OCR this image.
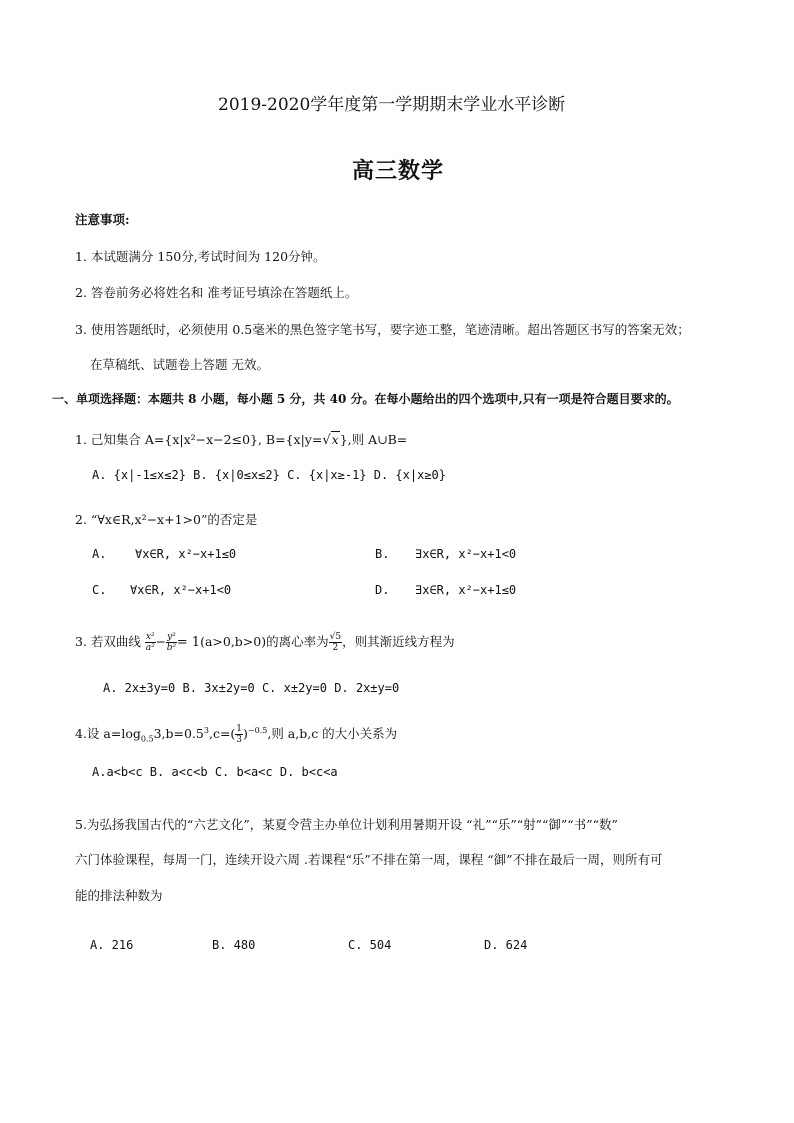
2019-2020学年度第一学期期末学业水平诊断
高三数学
注意事项:
1. 本试题满分 150分,考试时间为 120分钟。
2. 答卷前务必将姓名和 准考证号填涂在答题纸上。
3. 使用答题纸时，必须使用 0.5毫米的黑色签字笔书写，要字迹工整，笔迹清晰。超出答题区书写的答案无效；
在草稿纸、试题卷上答题 无效。
一、单项选择题：本题共 8 小题，每小题 5 分，共 40 分。在每小题给出的四个选项中,只有一项是符合题目要求的。
1. 己知集合 A={x|x²−x−2≤0}, B={x|y=√x},则 A∪B=
A. {x|-1≤x≤2} B. {x|0≤x≤2} C. {x|x≥-1} D. {x|x≥0}
2. “∀x∈R,x²−x+1>0”的否定是
A. ∀x∈R, x²−x+1≤0	B. ∃x∈R, x²−x+1<0
C. ∀x∈R, x²−x+1<0	D. ∃x∈R, x²−x+1≤0
3. 若双曲线 $\frac{\text{x²}}{\text{a²}} - \frac{\text{y²}}{\text{b²}} = 1(a>0,b>0)$的离心率为 $\frac{√5}{2}$ ，则其渐近线方程为
A. 2x±3y=0 B. 3x±2y=0 C. x±2y=0 D. 2x±y=0
4.设 $a=\log_{0.5}3,b=0.5^3,c=( \frac{1}{3} )^{-0.5}$,则 a,b,c 的大小关系为
A.a<b<c B. a<c<b C. b<a<c D. b<c<a
5.为弘扬我国古代的“六艺文化”，某夏令营主办单位计划利用暑期开设 “礼”“乐”“射”“御”“书”“数”
六门体验课程，每周一门，连续开设六周 .若课程“乐”不排在第一周，课程 “御”不排在最后一周，则所有可
能的排法种数为
A. 216	B. 480	C. 504	D. 624
